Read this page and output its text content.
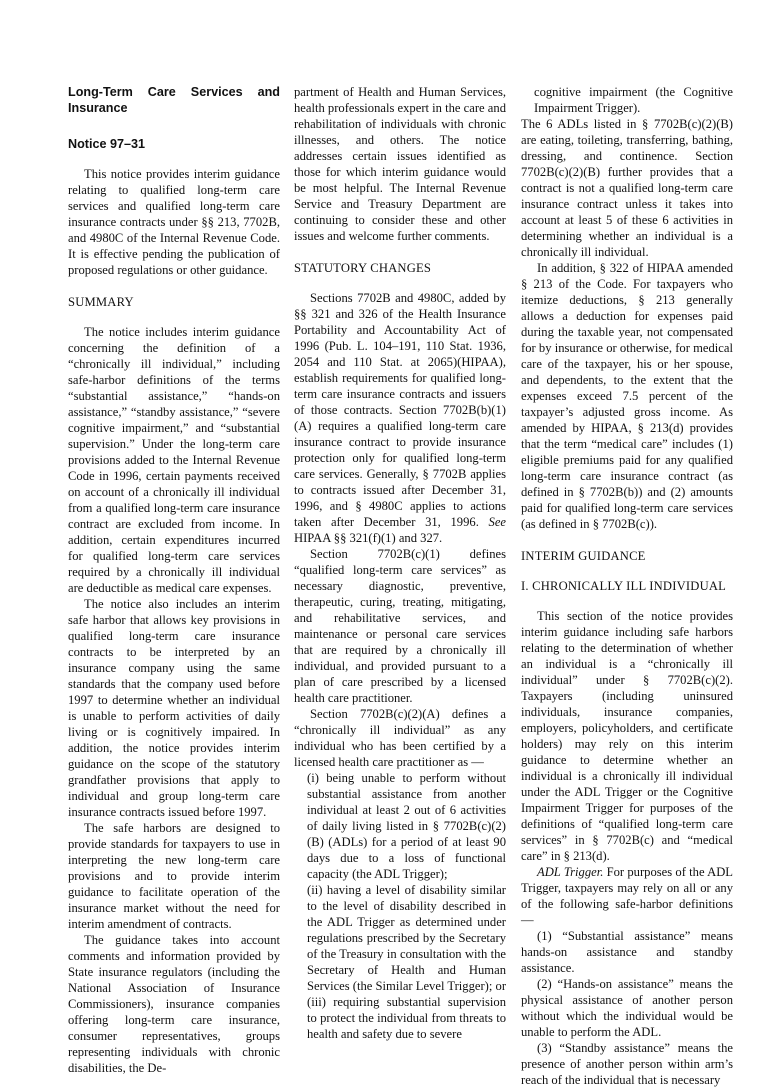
Long-Term Care Services and Insurance

Notice 97–31

This notice provides interim guidance relating to qualified long-term care services and qualified long-term care insurance contracts under §§ 213, 7702B, and 4980C of the Internal Revenue Code. It is effective pending the publication of proposed regulations or other guidance.

SUMMARY

The notice includes interim guidance concerning the definition of a “chronically ill individual,” including safe-harbor definitions of the terms “substantial assistance,” “hands-on assistance,” “standby assistance,” “severe cognitive impairment,” and “substantial supervision.” Under the long-term care provisions added to the Internal Revenue Code in 1996, certain payments received on account of a chronically ill individual from a qualified long-term care insurance contract are excluded from income. In addition, certain expenditures incurred for qualified long-term care services required by a chronically ill individual are deductible as medical care expenses.

The notice also includes an interim safe harbor that allows key provisions in qualified long-term care insurance contracts to be interpreted by an insurance company using the same standards that the company used before 1997 to determine whether an individual is unable to perform activities of daily living or is cognitively impaired. In addition, the notice provides interim guidance on the scope of the statutory grandfather provisions that apply to individual and group long-term care insurance contracts issued before 1997.

The safe harbors are designed to provide standards for taxpayers to use in interpreting the new long-term care provisions and to provide interim guidance to facilitate operation of the insurance market without the need for interim amendment of contracts.

The guidance takes into account comments and information provided by State insurance regulators (including the National Association of Insurance Commissioners), insurance companies offering long-term care insurance, consumer representatives, groups representing individuals with chronic disabilities, the De-

partment of Health and Human Services, health professionals expert in the care and rehabilitation of individuals with chronic illnesses, and others. The notice addresses certain issues identified as those for which interim guidance would be most helpful. The Internal Revenue Service and Treasury Department are continuing to consider these and other issues and welcome further comments.

STATUTORY CHANGES

Sections 7702B and 4980C, added by §§ 321 and 326 of the Health Insurance Portability and Accountability Act of 1996 (Pub. L. 104–191, 110 Stat. 1936, 2054 and 110 Stat. at 2065)(HIPAA), establish requirements for qualified long-term care insurance contracts and issuers of those contracts. Section 7702B(b)(1)(A) requires a qualified long-term care insurance contract to provide insurance protection only for qualified long-term care services. Generally, § 7702B applies to contracts issued after December 31, 1996, and § 4980C applies to actions taken after December 31, 1996. See HIPAA §§ 321(f)(1) and 327.

Section 7702B(c)(1) defines “qualified long-term care services” as necessary diagnostic, preventive, therapeutic, curing, treating, mitigating, and rehabilitative services, and maintenance or personal care services that are required by a chronically ill individual, and provided pursuant to a plan of care prescribed by a licensed health care practitioner.

Section 7702B(c)(2)(A) defines a “chronically ill individual” as any individual who has been certified by a licensed health care practitioner as —

(i) being unable to perform without substantial assistance from another individual at least 2 out of 6 activities of daily living listed in § 7702B(c)(2)(B) (ADLs) for a period of at least 90 days due to a loss of functional capacity (the ADL Trigger);

(ii) having a level of disability similar to the level of disability described in the ADL Trigger as determined under regulations prescribed by the Secretary of the Treasury in consultation with the Secretary of Health and Human Services (the Similar Level Trigger); or

(iii) requiring substantial supervision to protect the individual from threats to health and safety due to severe

cognitive impairment (the Cognitive Impairment Trigger).

The 6 ADLs listed in § 7702B(c)(2)(B) are eating, toileting, transferring, bathing, dressing, and continence. Section 7702B(c)(2)(B) further provides that a contract is not a qualified long-term care insurance contract unless it takes into account at least 5 of these 6 activities in determining whether an individual is a chronically ill individual.

In addition, § 322 of HIPAA amended § 213 of the Code. For taxpayers who itemize deductions, § 213 generally allows a deduction for expenses paid during the taxable year, not compensated for by insurance or otherwise, for medical care of the taxpayer, his or her spouse, and dependents, to the extent that the expenses exceed 7.5 percent of the taxpayer’s adjusted gross income. As amended by HIPAA, § 213(d) provides that the term “medical care” includes (1) eligible premiums paid for any qualified long-term care insurance contract (as defined in § 7702B(b)) and (2) amounts paid for qualified long-term care services (as defined in § 7702B(c)).

INTERIM GUIDANCE

I. CHRONICALLY ILL INDIVIDUAL

This section of the notice provides interim guidance including safe harbors relating to the determination of whether an individual is a “chronically ill individual” under § 7702B(c)(2). Taxpayers (including uninsured individuals, insurance companies, employers, policyholders, and certificate holders) may rely on this interim guidance to determine whether an individual is a chronically ill individual under the ADL Trigger or the Cognitive Impairment Trigger for purposes of the definitions of “qualified long-term care services” in § 7702B(c) and “medical care” in § 213(d).

ADL Trigger. For purposes of the ADL Trigger, taxpayers may rely on all or any of the following safe-harbor definitions —

(1) “Substantial assistance” means hands-on assistance and standby assistance.

(2) “Hands-on assistance” means the physical assistance of another person without which the individual would be unable to perform the ADL.

(3) “Standby assistance” means the presence of another person within arm’s reach of the individual that is necessary
